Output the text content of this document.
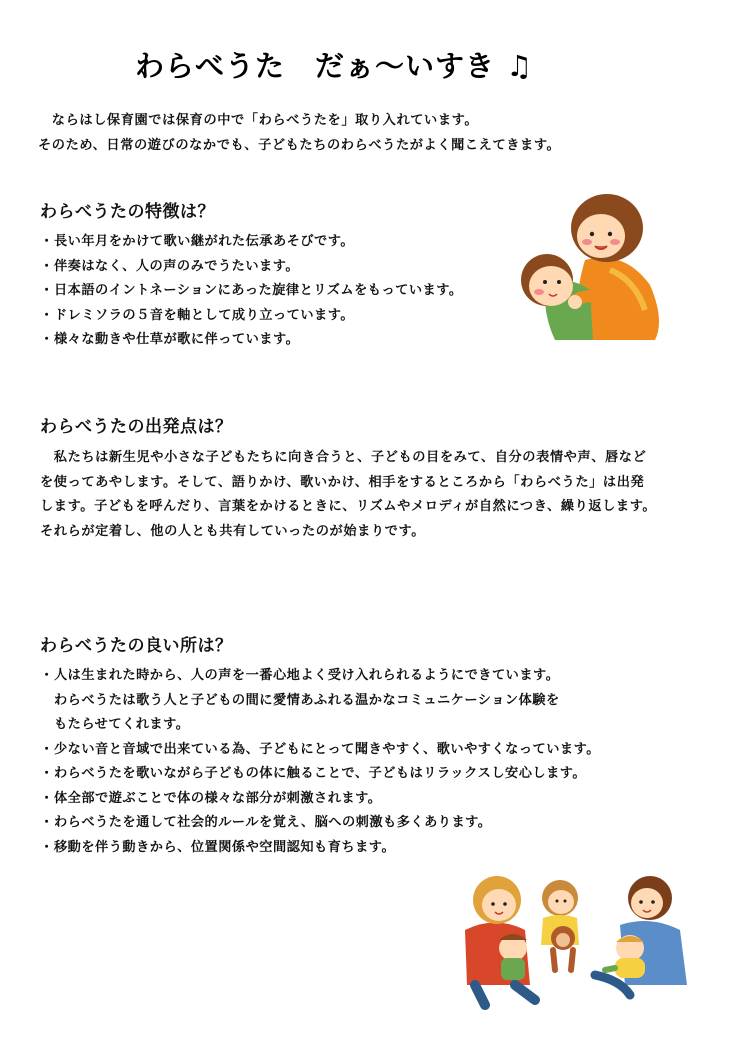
わらべうた　だぁ〜いすき ♫
　ならはし保育園では保育の中で「わらべうたを」取り入れています。
そのため、日常の遊びのなかでも、子どもたちのわらべうたがよく聞こえてきます。
わらべうたの特徴は？
・長い年月をかけて歌い継がれた伝承あそびです。
・伴奏はなく、人の声のみでうたいます。
・日本語のイントネーションにあった旋律とリズムをもっています。
・ドレミソラの５音を軸として成り立っています。
・様々な動きや仕草が歌に伴っています。
わらべうたの出発点は？
　私たちは新生児や小さな子どもたちに向き合うと、子どもの目をみて、自分の表情や声、唇など
を使ってあやします。そして、語りかけ、歌いかけ、相手をするところから「わらべうた」は出発
します。子どもを呼んだり、言葉をかけるときに、リズムやメロディが自然につき、繰り返します。
それらが定着し、他の人とも共有していったのが始まりです。
わらべうたの良い所は？
・人は生まれた時から、人の声を一番心地よく受け入れられるようにできています。
わらべうたは歌う人と子どもの間に愛情あふれる温かなコミュニケーション体験を
もたらせてくれます。
・少ない音と音域で出来ている為、子どもにとって聞きやすく、歌いやすくなっています。
・わらべうたを歌いながら子どもの体に触ることで、子どもはリラックスし安心します。
・体全部で遊ぶことで体の様々な部分が刺激されます。
・わらべうたを通して社会的ルールを覚え、脳への刺激も多くあります。
・移動を伴う動きから、位置関係や空間認知も育ちます。
